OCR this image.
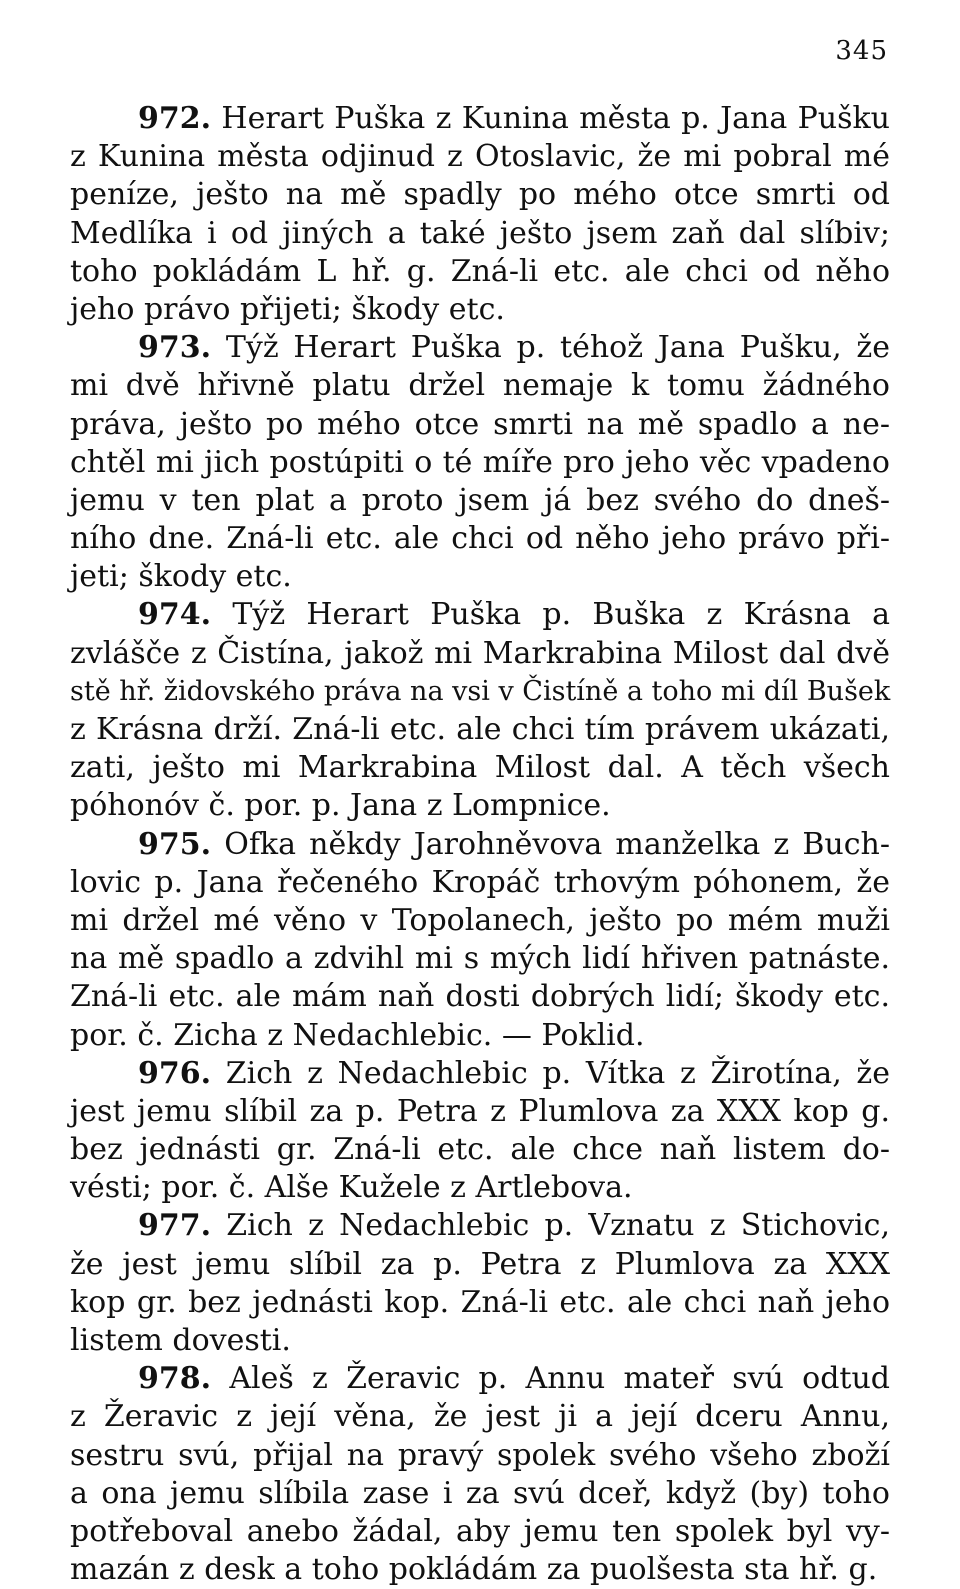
345
972. Herart Puška z Kunina města p. Jana Pušku
z Kunina města odjinud z Otoslavic, že mi pobral mé
peníze, ješto na mě spadly po mého otce smrti od
Medlíka i od jiných a také ješto jsem zaň dal slíbiv;
toho pokládám L hř. g. Zná-li etc. ale chci od něho
jeho právo přijeti; škody etc.
973. Týž Herart Puška p. téhož Jana Pušku, že
mi dvě hřivně platu držel nemaje k tomu žádného
práva, ješto po mého otce smrti na mě spadlo a ne-
chtěl mi jich postúpiti o té míře pro jeho věc vpadeno
jemu v ten plat a proto jsem já bez svého do dneš-
ního dne. Zná-li etc. ale chci od něho jeho právo při-
jeti; škody etc.
974. Týž Herart Puška p. Buška z Krásna a
zvlášče z Čistína, jakož mi Markrabina Milost dal dvě
stě hř. židovského práva na vsi v Čistíně a toho mi díl Bušek
z Krásna drží. Zná-li etc. ale chci tím právem ukázati,
zati, ješto mi Markrabina Milost dal. A těch všech
póhonóv č. por. p. Jana z Lompnice.
975. Ofka někdy Jarohněvova manželka z Buch-
lovic p. Jana řečeného Kropáč trhovým póhonem, že
mi držel mé věno v Topolanech, ješto po mém muži
na mě spadlo a zdvihl mi s mých lidí hřiven patnáste.
Zná-li etc. ale mám naň dosti dobrých lidí; škody etc.
por. č. Zicha z Nedachlebic. — Poklid.
976. Zich z Nedachlebic p. Vítka z Žirotína, že
jest jemu slíbil za p. Petra z Plumlova za XXX kop g.
bez jednásti gr. Zná-li etc. ale chce naň listem do-
vésti; por. č. Alše Kužele z Artlebova.
977. Zich z Nedachlebic p. Vznatu z Stichovic,
že jest jemu slíbil za p. Petra z Plumlova za XXX
kop gr. bez jednásti kop. Zná-li etc. ale chci naň jeho
listem dovesti.
978. Aleš z Žeravic p. Annu mateř svú odtud
z Žeravic z její věna, že jest ji a její dceru Annu,
sestru svú, přijal na pravý spolek svého všeho zboží
a ona jemu slíbila zase i za svú dceř, když (by) toho
potřeboval anebo žádal, aby jemu ten spolek byl vy-
mazán z desk a toho pokládám za puolšesta sta hř. g.
